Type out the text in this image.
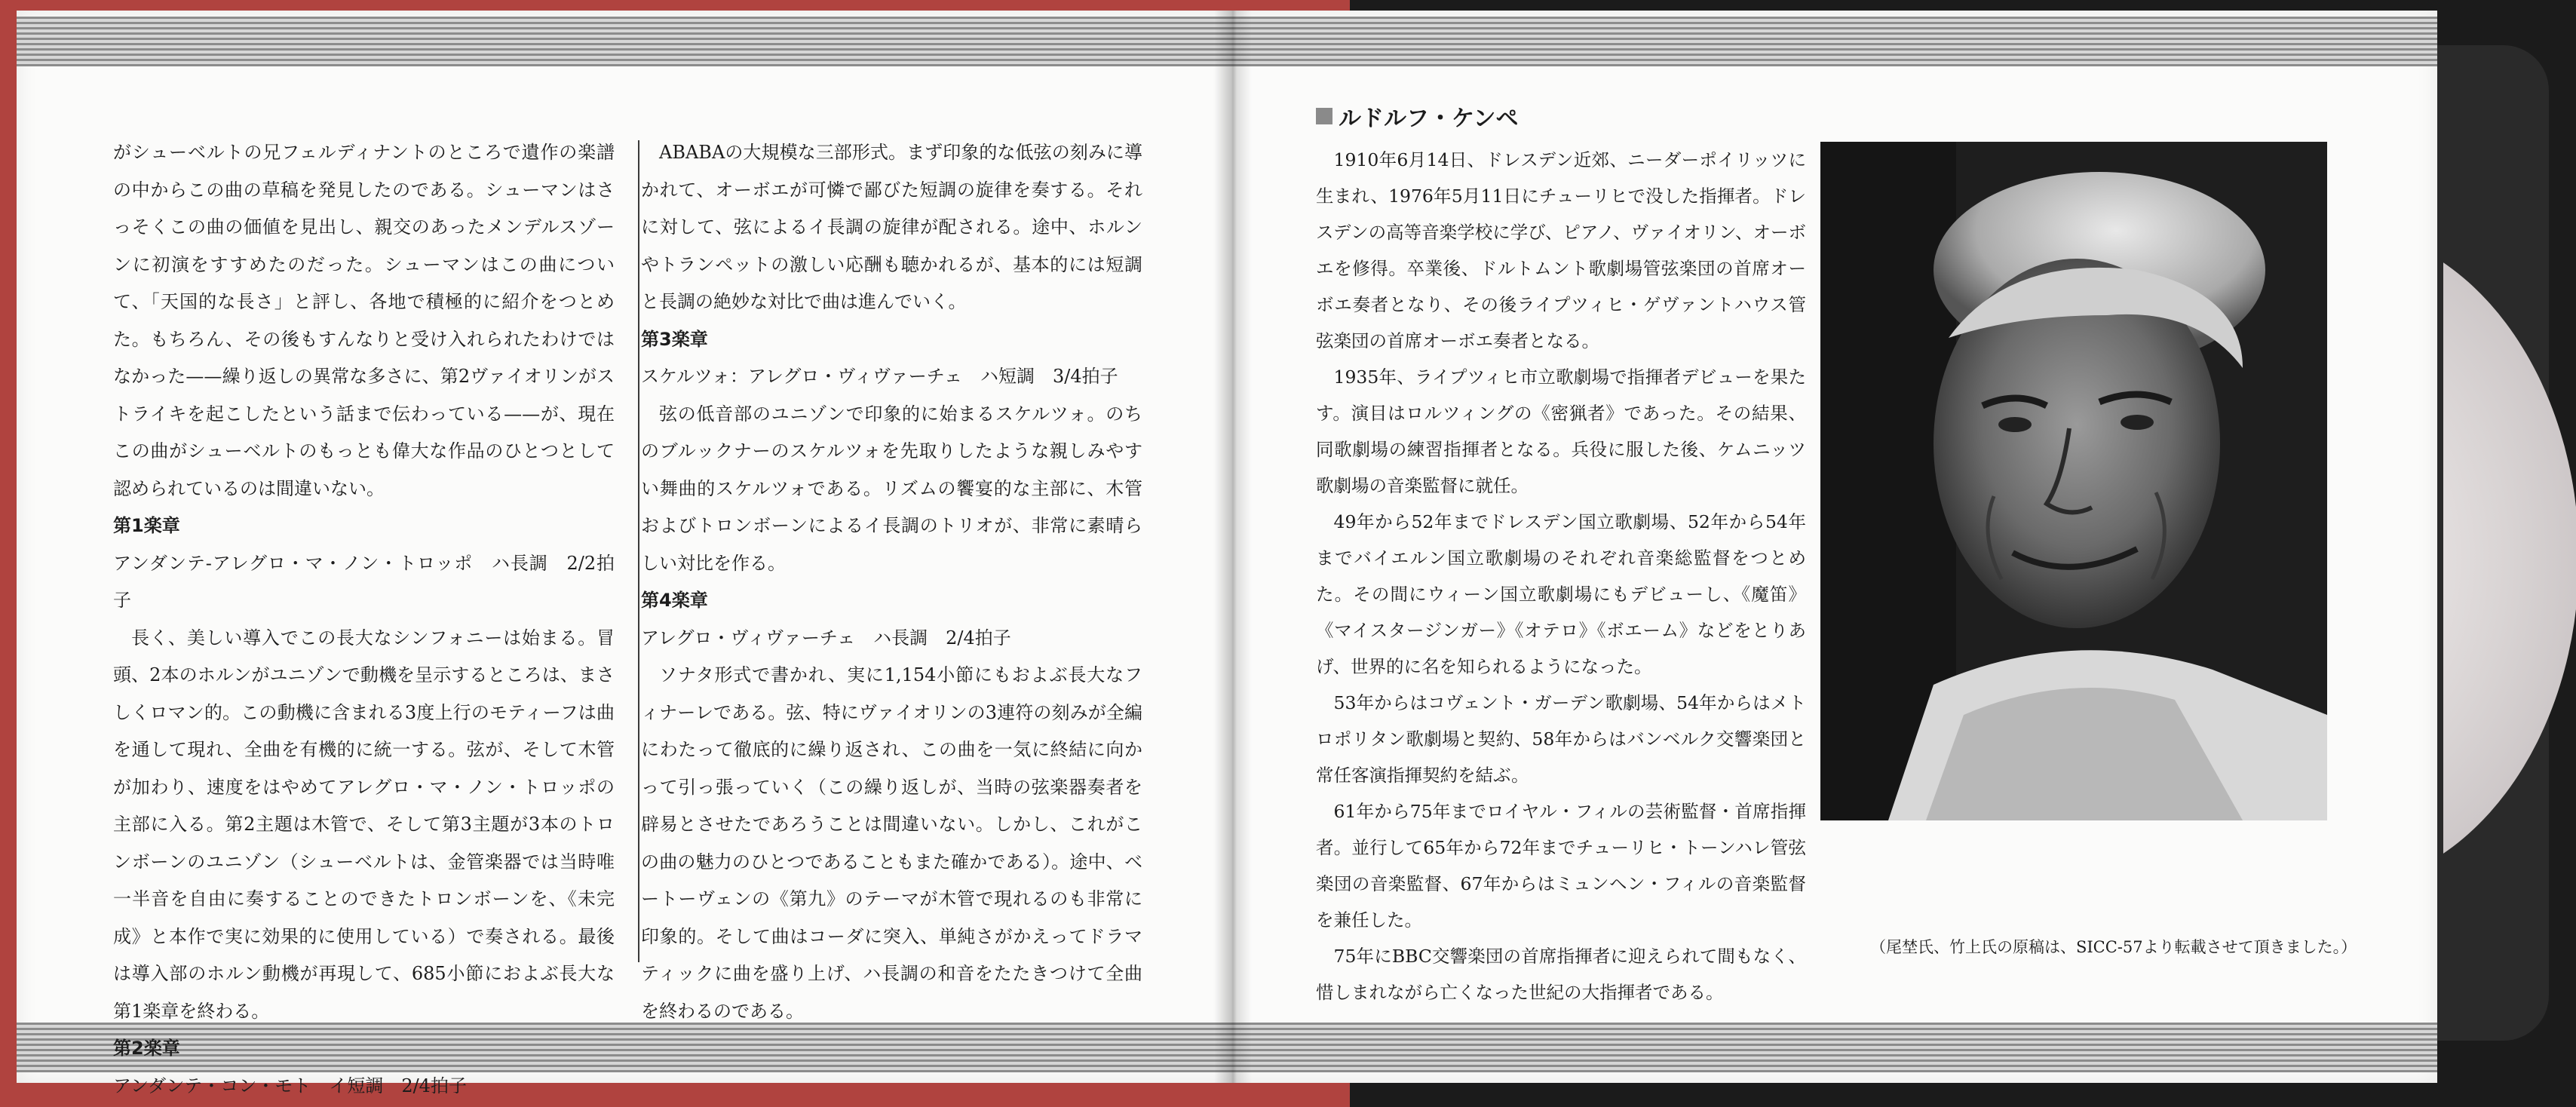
がシューベルトの兄フェルディナントのところで遺作の楽譜の中からこの曲の草稿を発見したのである。シューマンはさっそくこの曲の価値を見出し、親交のあったメンデルスゾーンに初演をすすめたのだった。シューマンはこの曲について、「天国的な長さ」と評し、各地で積極的に紹介をつとめた。もちろん、その後もすんなりと受け入れられたわけではなかった——繰り返しの異常な多さに、第2ヴァイオリンがストライキを起こしたという話まで伝わっている——が、現在この曲がシューベルトのもっとも偉大な作品のひとつとして認められているのは間違いない。

第1楽章

アンダンテ-アレグロ・マ・ノン・トロッポ　ハ長調　2/2拍子

長く、美しい導入でこの長大なシンフォニーは始まる。冒頭、2本のホルンがユニゾンで動機を呈示するところは、まさしくロマン的。この動機に含まれる3度上行のモティーフは曲を通して現れ、全曲を有機的に統一する。弦が、そして木管が加わり、速度をはやめてアレグロ・マ・ノン・トロッポの主部に入る。第2主題は木管で、そして第3主題が3本のトロンボーンのユニゾン（シューベルトは、金管楽器では当時唯一半音を自由に奏することのできたトロンボーンを、《未完成》と本作で実に効果的に使用している）で奏される。最後は導入部のホルン動機が再現して、685小節におよぶ長大な第1楽章を終わる。

第2楽章

アンダンテ・コン・モト　イ短調　2/4拍子

ABABAの大規模な三部形式。まず印象的な低弦の刻みに導かれて、オーボエが可憐で鄙びた短調の旋律を奏する。それに対して、弦によるイ長調の旋律が配される。途中、ホルンやトランペットの激しい応酬も聴かれるが、基本的には短調と長調の絶妙な対比で曲は進んでいく。

第3楽章

スケルツォ：アレグロ・ヴィヴァーチェ　ハ短調　3/4拍子

弦の低音部のユニゾンで印象的に始まるスケルツォ。のちのブルックナーのスケルツォを先取りしたような親しみやすい舞曲的スケルツォである。リズムの饗宴的な主部に、木管およびトロンボーンによるイ長調のトリオが、非常に素晴らしい対比を作る。

第4楽章

アレグロ・ヴィヴァーチェ　ハ長調　2/4拍子

ソナタ形式で書かれ、実に1,154小節にもおよぶ長大なフィナーレである。弦、特にヴァイオリンの3連符の刻みが全編にわたって徹底的に繰り返され、この曲を一気に終結に向かって引っ張っていく（この繰り返しが、当時の弦楽器奏者を辟易とさせたであろうことは間違いない。しかし、これがこの曲の魅力のひとつであることもまた確かである）。途中、ベートーヴェンの《第九》のテーマが木管で現れるのも非常に印象的。そして曲はコーダに突入、単純さがかえってドラマティックに曲を盛り上げ、ハ長調の和音をたたきつけて全曲を終わるのである。

ルドルフ・ケンペ

1910年6月14日、ドレスデン近郊、ニーダーポイリッツに生まれ、1976年5月11日にチューリヒで没した指揮者。ドレスデンの高等音楽学校に学び、ピアノ、ヴァイオリン、オーボエを修得。卒業後、ドルトムント歌劇場管弦楽団の首席オーボエ奏者となり、その後ライプツィヒ・ゲヴァントハウス管弦楽団の首席オーボエ奏者となる。

1935年、ライプツィヒ市立歌劇場で指揮者デビューを果たす。演目はロルツィングの《密猟者》であった。その結果、同歌劇場の練習指揮者となる。兵役に服した後、ケムニッツ歌劇場の音楽監督に就任。

49年から52年までドレスデン国立歌劇場、52年から54年までバイエルン国立歌劇場のそれぞれ音楽総監督をつとめた。その間にウィーン国立歌劇場にもデビューし、《魔笛》《マイスタージンガー》《オテロ》《ボエーム》などをとりあげ、世界的に名を知られるようになった。

53年からはコヴェント・ガーデン歌劇場、54年からはメトロポリタン歌劇場と契約、58年からはバンベルク交響楽団と常任客演指揮契約を結ぶ。

61年から75年までロイヤル・フィルの芸術監督・首席指揮者。並行して65年から72年までチューリヒ・トーンハレ管弦楽団の音楽監督、67年からはミュンヘン・フィルの音楽監督を兼任した。

75年にBBC交響楽団の首席指揮者に迎えられて間もなく、惜しまれながら亡くなった世紀の大指揮者である。

（尾埜氏、竹上氏の原稿は、SICC-57より転載させて頂きました。）
